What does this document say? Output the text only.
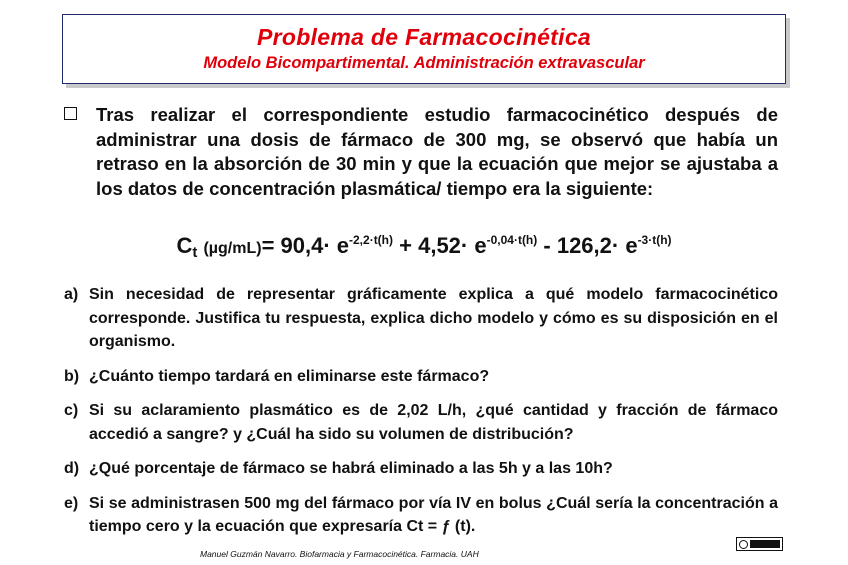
Problema de Farmacocinética
Modelo Bicompartimental. Administración extravascular
Tras realizar el correspondiente estudio farmacocinético después de administrar una dosis de fármaco de 300 mg, se observó que había un retraso en la absorción de 30 min y que la ecuación que mejor se ajustaba a los datos de concentración plasmática/ tiempo era la siguiente:
$C_t$ $(\mu g/mL)= 90,4\cdot e^{-2,2\cdot t(h)} + 4,52\cdot e^{-0,04\cdot t(h)} - 126,2\cdot e^{-3\cdot t(h)}$
a) Sin necesidad de representar gráficamente explica a qué modelo farmacocinético corresponde. Justifica tu respuesta, explica dicho modelo y cómo es su disposición en el organismo.
b) ¿Cuánto tiempo tardará en eliminarse este fármaco?
c) Si su aclaramiento plasmático es de 2,02 L/h, ¿qué cantidad y fracción de fármaco accedió a sangre? y ¿Cuál ha sido su volumen de distribución?
d) ¿Qué porcentaje de fármaco se habrá eliminado a las 5h y a las 10h?
e) Si se administrasen 500 mg del fármaco por vía IV en bolus ¿Cuál sería la concentración a tiempo cero y la ecuación que expresaría Ct = ƒ (t).
Manuel Guzmán Navarro. Biofarmacia y Farmacocinética. Farmacia. UAH
